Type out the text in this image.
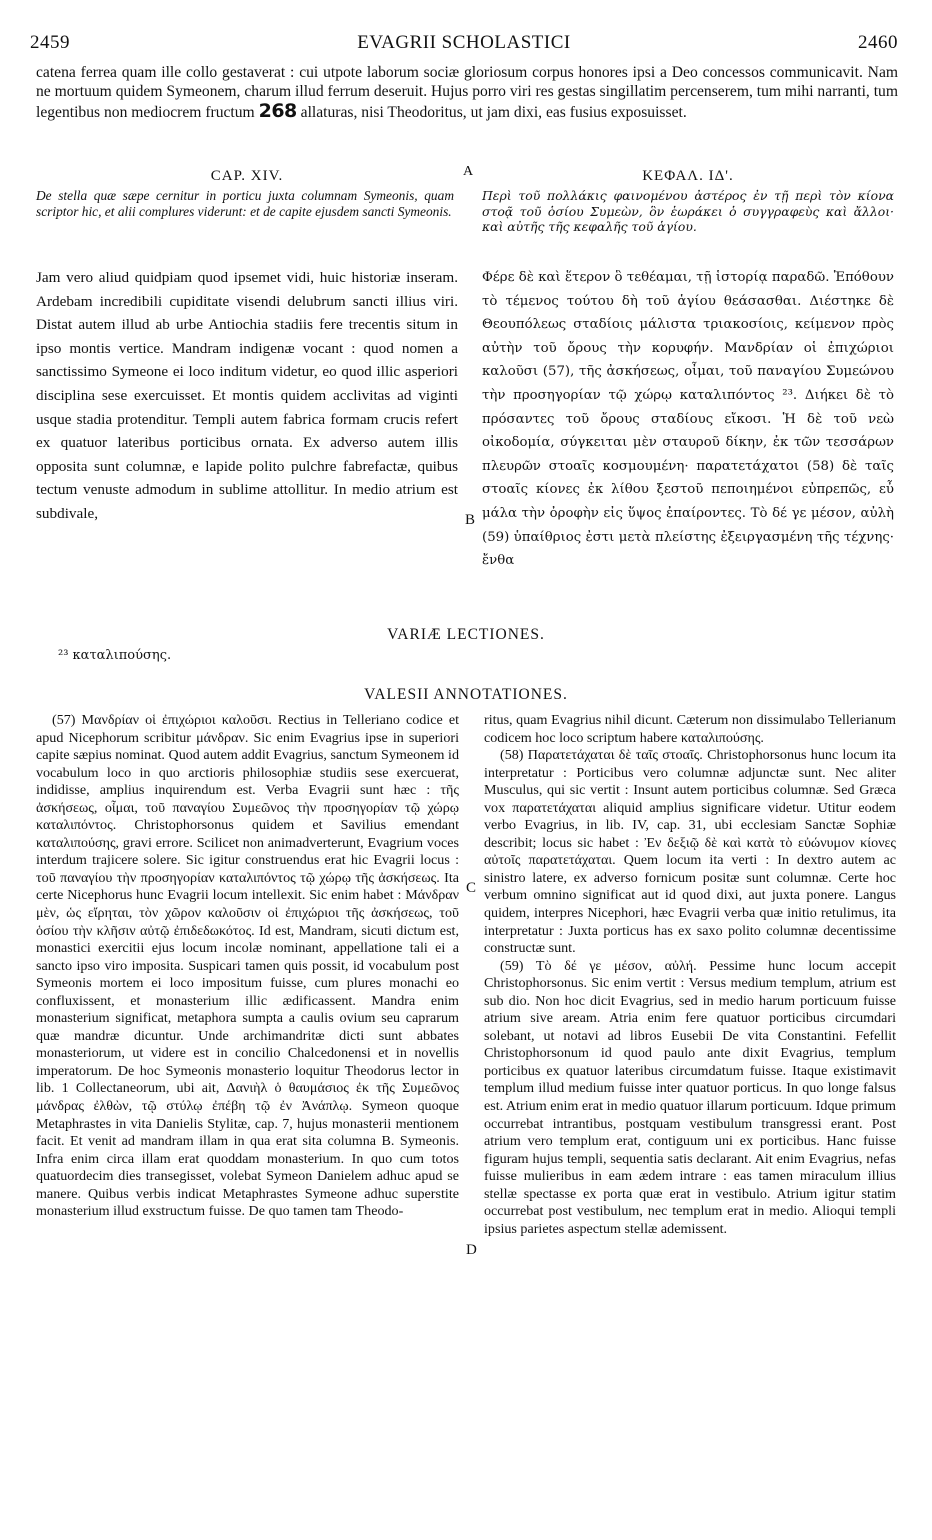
2459	EVAGRII SCHOLASTICI	2460

catena ferrea quam ille collo gestaverat : cui utpote laborum sociæ gloriosum corpus honores ipsi a Deo concessos communicavit. Nam ne mortuum quidem Symeonem, charum illud ferrum deseruit. Hujus porro viri res gestas singillatim percenserem, tum mihi narranti, tum legentibus non mediocrem fructum 268 allaturas, nisi Theodoritus, ut jam dixi, eas fusius exposuisset.

CAP. XIV.	A	ΚΕΦΑΛ. ΙΔ'.
De stella quæ sæpe cernitur in porticu juxta columnam Symeonis, quam scriptor hic, et alii complures viderunt: et de capite ejusdem sancti Symeonis.
Περὶ τοῦ πολλάκις φαινομένου ἀστέρος ἐν τῇ περὶ τὸν κίονα στοᾷ τοῦ ὁσίου Συμεὼν, ὃν ἑωράκει ὁ συγγραφεὺς καὶ ἄλλοι· καὶ αὐτῆς τῆς κεφαλῆς τοῦ ἁγίου.
Jam vero aliud quidpiam quod ipsemet vidi, huic historiæ inseram. Ardebam incredibili cupiditate visendi delubrum sancti illius viri. Distat autem illud ab urbe Antiochia stadiis fere trecentis situm in ipso montis vertice. Mandram indigenæ vocant : quod nomen a sanctissimo Symeone ei loco inditum videtur, eo quod illic asperiori disciplina sese exercuisset. Et montis quidem acclivitas ad viginti usque stadia protenditur. Templi autem fabrica formam crucis refert ex quatuor lateribus porticibus ornata. Ex adverso autem illis opposita sunt columnæ, e lapide polito pulchre fabrefactæ, quibus tectum venuste admodum in sublime attollitur. In medio atrium est subdivale,	B
Φέρε δὲ καὶ ἕτερον ὃ τεθέαμαι, τῇ ἱστορίᾳ παραδῶ. Ἐπόθουν τὸ τέμενος τούτου δὴ τοῦ ἁγίου θεάσασθαι. Διέστηκε δὲ Θεουπόλεως σταδίοις μάλιστα τριακοσίοις, κείμενον πρὸς αὐτὴν τοῦ ὄρους τὴν κορυφήν. Μανδρίαν οἱ ἐπιχώριοι καλοῦσι (57), τῆς ἀσκήσεως, οἶμαι, τοῦ παναγίου Συμεώνου τὴν προσηγορίαν τῷ χώρῳ καταλιπόντος ²³. Διήκει δὲ τὸ πρόσαντες τοῦ ὄρους σταδίους εἴκοσι. Ἡ δὲ τοῦ νεὼ οἰκοδομία, σύγκειται μὲν σταυροῦ δίκην, ἐκ τῶν τεσσάρων πλευρῶν στοαῖς κοσμουμένη· παρατετάχατοι (58) δὲ ταῖς στοαῖς κίονες ἐκ λίθου ξεστοῦ πεποιημένοι εὐπρεπῶς, εὖ μάλα τὴν ὀροφὴν εἰς ὕψος ἐπαίροντες. Τὸ δέ γε μέσον, αὐλὴ (59) ὑπαίθριος ἐστι μετὰ πλείστης ἐξειργασμένη τῆς τέχνης· ἔνθα
VARIÆ LECTIONES.
²³ καταλιπούσης.
VALESII ANNOTATIONES.

(57) Μανδρίαν οἱ ἐπιχώριοι καλοῦσι. Rectius in Telleriano codice et apud Nicephorum scribitur μάνδραν. Sic enim Evagrius ipse in superiori capite sæpius nominat. Quod autem addit Evagrius, sanctum Symeonem id vocabulum loco in quo arctioris philosophiæ studiis sese exercuerat, indidisse, amplius inquirendum est. Verba Evagrii sunt hæc : τῆς ἀσκήσεως, οἶμαι, τοῦ παναγίου Συμεῶνος τὴν προσηγορίαν τῷ χώρῳ καταλιπόντος. Christophorsonus quidem et Savilius emendant καταλιπούσης, gravi errore. Scilicet non animadverterunt, Evagrium voces interdum trajicere solere. Sic igitur construendus erat hic Evagrii locus : τοῦ παναγίου τὴν προσηγορίαν καταλιπόντος τῷ χώρῳ τῆς ἀσκήσεως. Ita certe Nicephorus hunc Evagrii locum intellexit. Sic enim habet : Μάνδραν μὲν, ὡς εἴρηται, τὸν χῶρον καλοῦσιν οἱ ἐπιχώριοι τῆς ἀσκήσεως, τοῦ ὁσίου τὴν κλῆσιν αὐτῷ ἐπιδεδωκότος. Id est, Mandram, sicuti dictum est, monastici exercitii ejus locum incolæ nominant, appellatione tali ei a sancto ipso viro imposita. Suspicari tamen quis possit, id vocabulum post Symeonis mortem ei loco impositum fuisse, cum plures monachi eo confluxissent, et monasterium illic ædificassent. Mandra enim monasterium significat, metaphora sumpta a caulis ovium seu caprarum quæ mandræ dicuntur. Unde archimandritæ dicti sunt abbates monasteriorum, ut videre est in concilio Chalcedonensi et in novellis imperatorum. De hoc Symeonis monasterio loquitur Theodorus lector in lib. 1 Collectaneorum, ubi ait, Δανιὴλ ὁ θαυμάσιος ἐκ τῆς Συμεῶνος μάνδρας ἐλθὼν, τῷ στύλῳ ἐπέβη τῷ ἐν Ἀνάπλῳ. Symeon quoque Metaphrastes in vita Danielis Stylitæ, cap. 7, hujus monasterii mentionem facit. Et venit ad mandram illam in qua erat sita columna B. Symeonis. Infra enim circa illam erat quoddam monasterium. In quo cum totos quatuordecim dies transegisset, volebat Symeon Danielem adhuc apud se manere. Quibus verbis indicat Metaphrastes Symeone adhuc superstite monasterium illud exstructum fuisse. De quo tamen tam Theodo-

C
D

ritus, quam Evagrius nihil dicunt. Cæterum non dissimulabo Tellerianum codicem hoc loco scriptum habere καταλιπούσης.

(58) Παρατετάχαται δὲ ταῖς στοαῖς. Christophorsonus hunc locum ita interpretatur : Porticibus vero columnæ adjunctæ sunt. Nec aliter Musculus, qui sic vertit : Insunt autem porticibus columnæ. Sed Græca vox παρατετάχαται aliquid amplius significare videtur. Utitur eodem verbo Evagrius, in lib. IV, cap. 31, ubi ecclesiam Sanctæ Sophiæ describit; locus sic habet : Ἐν δεξιῷ δὲ καὶ κατὰ τὸ εὐώνυμον κίονες αὐτοῖς παρατετάχαται. Quem locum ita verti : In dextro autem ac sinistro latere, ex adverso fornicum positæ sunt columnæ. Certe hoc verbum omnino significat aut id quod dixi, aut juxta ponere. Langus quidem, interpres Nicephori, hæc Evagrii verba quæ initio retulimus, ita interpretatur : Juxta porticus has ex saxo polito columnæ decentissime constructæ sunt.

(59) Τὸ δέ γε μέσον, αὐλή. Pessime hunc locum accepit Christophorsonus. Sic enim vertit : Versus medium templum, atrium est sub dio. Non hoc dicit Evagrius, sed in medio harum porticuum fuisse atrium sive aream. Atria enim fere quatuor porticibus circumdari solebant, ut notavi ad libros Eusebii De vita Constantini. Fefellit Christophorsonum id quod paulo ante dixit Evagrius, templum porticibus ex quatuor lateribus circumdatum fuisse. Itaque existimavit templum illud medium fuisse inter quatuor porticus. In quo longe falsus est. Atrium enim erat in medio quatuor illarum porticuum. Idque primum occurrebat intrantibus, postquam vestibulum transgressi erant. Post atrium vero templum erat, contiguum uni ex porticibus. Hanc fuisse figuram hujus templi, sequentia satis declarant. Ait enim Evagrius, nefas fuisse mulieribus in eam ædem intrare : eas tamen miraculum illius stellæ spectasse ex porta quæ erat in vestibulo. Atrium igitur statim occurrebat post vestibulum, nec templum erat in medio. Alioqui templi ipsius parietes aspectum stellæ ademissent.
